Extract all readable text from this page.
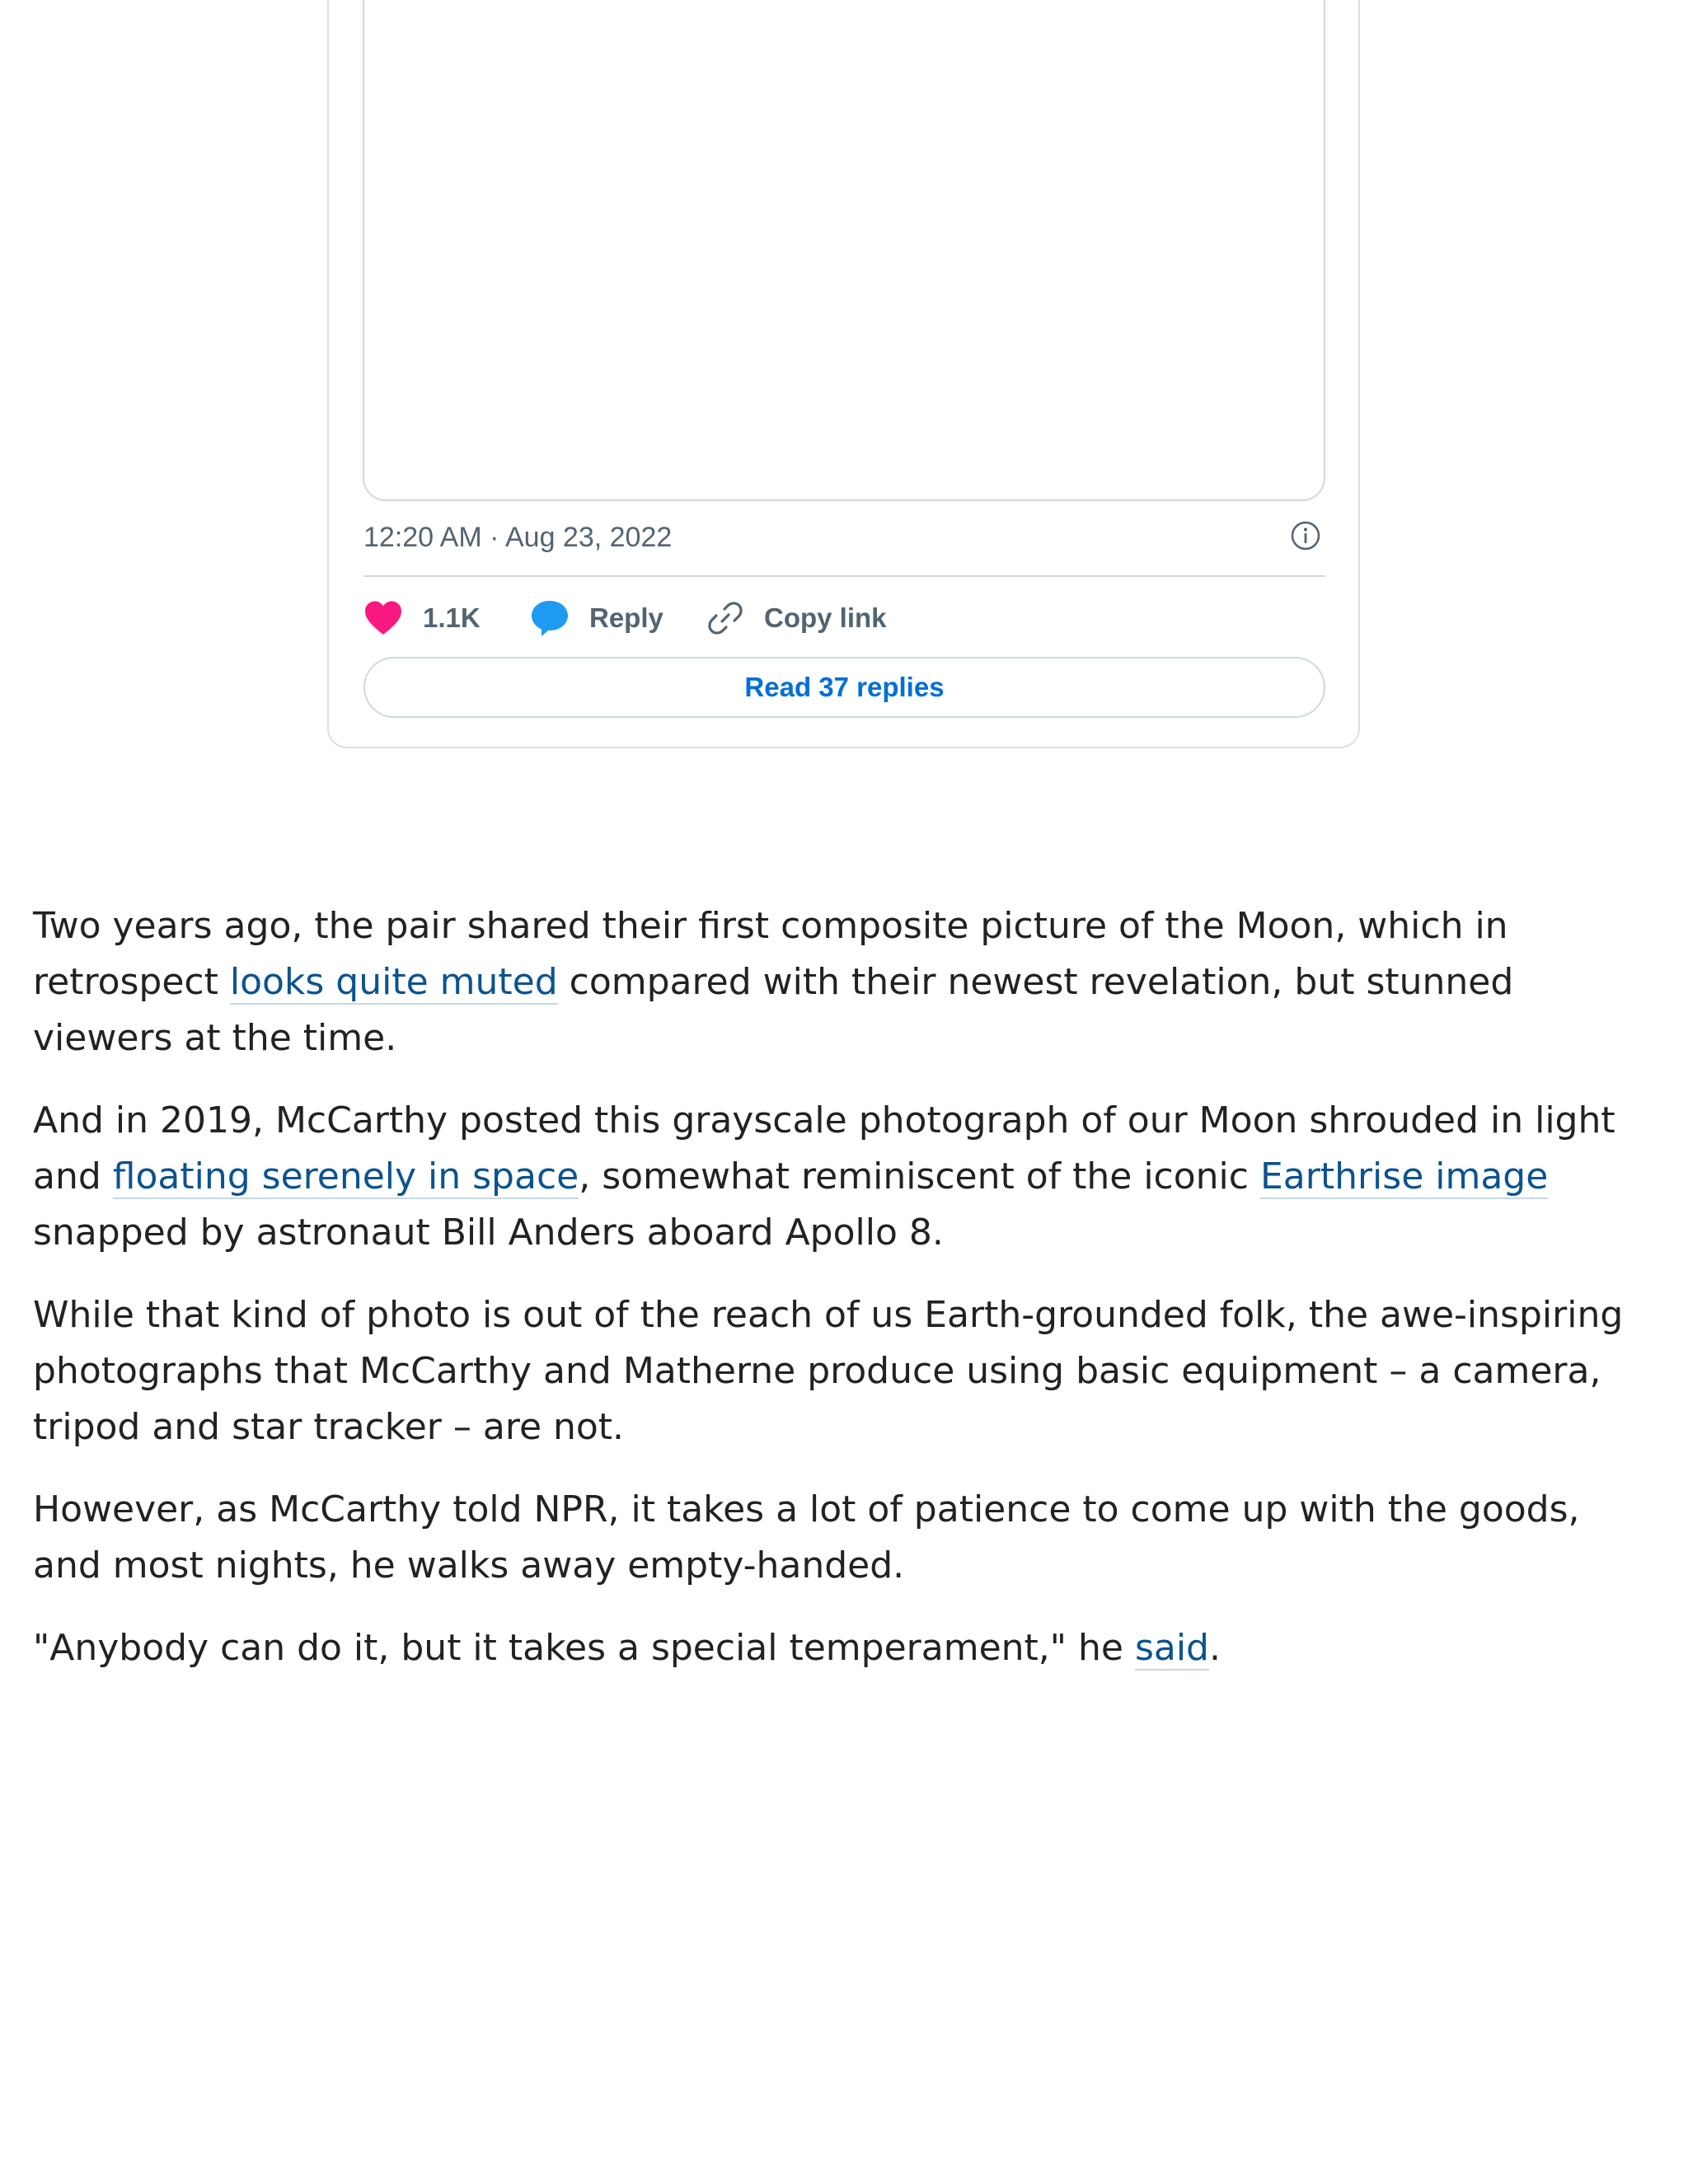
12:20 AM · Aug 23, 2022
1.1K	Reply	Copy link
Read 37 replies

Two years ago, the pair shared their first composite picture of the Moon, which in retrospect looks quite muted compared with their newest revelation, but stunned viewers at the time.

And in 2019, McCarthy posted this grayscale photograph of our Moon shrouded in light and floating serenely in space, somewhat reminiscent of the iconic Earthrise image snapped by astronaut Bill Anders aboard Apollo 8.

While that kind of photo is out of the reach of us Earth-grounded folk, the awe-inspiring photographs that McCarthy and Matherne produce using basic equipment – a camera, tripod and star tracker – are not.

However, as McCarthy told NPR, it takes a lot of patience to come up with the goods, and most nights, he walks away empty-handed.

"Anybody can do it, but it takes a special temperament," he said.
